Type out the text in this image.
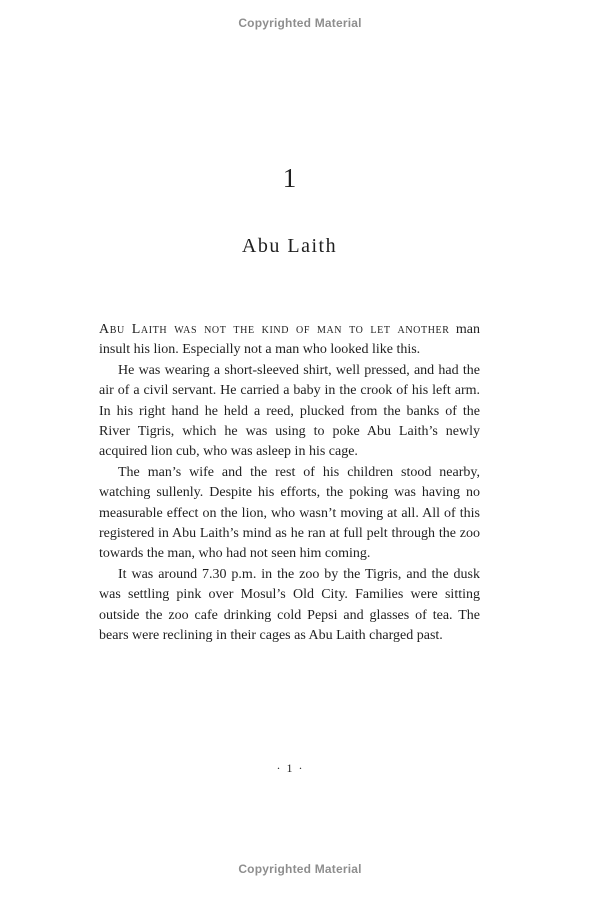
Copyrighted Material
1
Abu Laith

Abu Laith was not the kind of man to let another man insult his lion. Especially not a man who looked like this.

He was wearing a short-sleeved shirt, well pressed, and had the air of a civil servant. He carried a baby in the crook of his left arm. In his right hand he held a reed, plucked from the banks of the River Tigris, which he was using to poke Abu Laith’s newly acquired lion cub, who was asleep in his cage.

The man’s wife and the rest of his children stood nearby, watching sullenly. Despite his efforts, the poking was having no measurable effect on the lion, who wasn’t moving at all. All of this registered in Abu Laith’s mind as he ran at full pelt through the zoo towards the man, who had not seen him coming.

It was around 7.30 p.m. in the zoo by the Tigris, and the dusk was settling pink over Mosul’s Old City. Families were sitting outside the zoo cafe drinking cold Pepsi and glasses of tea. The bears were reclining in their cages as Abu Laith charged past.

· 1 ·
Copyrighted Material
